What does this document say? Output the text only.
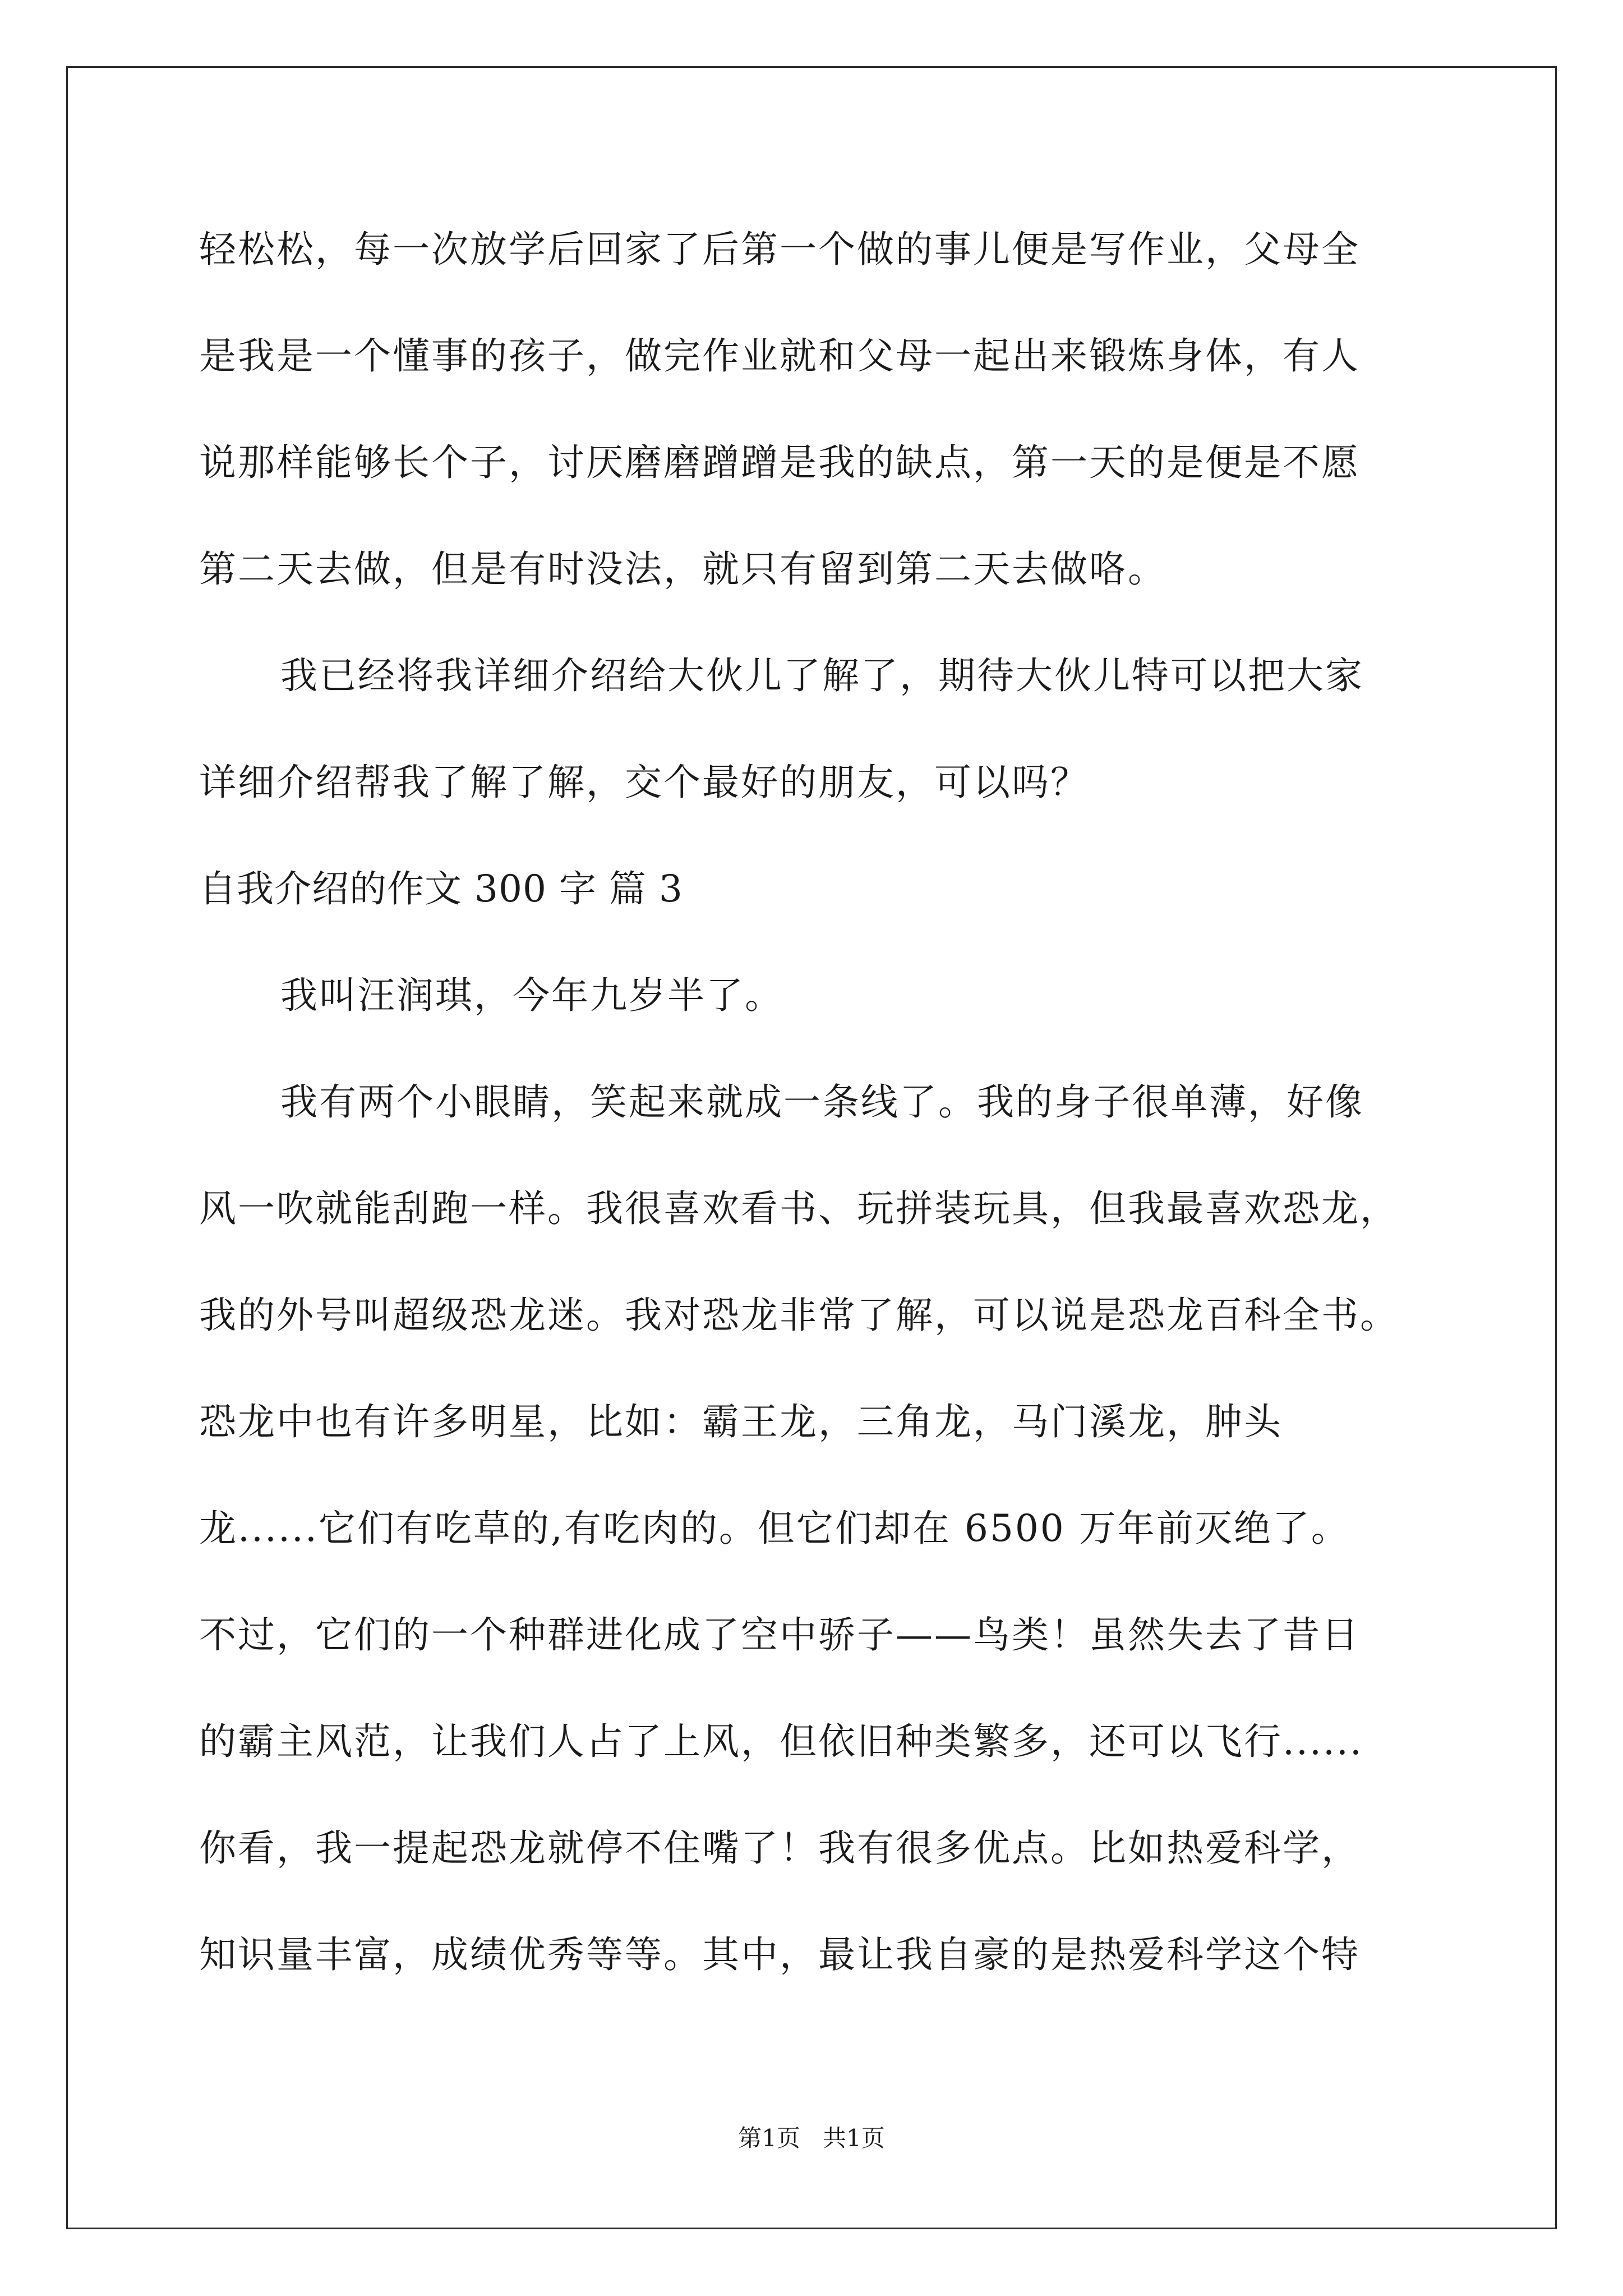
轻松松，每一次放学后回家了后第一个做的事儿便是写作业，父母全
是我是一个懂事的孩子，做完作业就和父母一起出来锻炼身体，有人
说那样能够长个子，讨厌磨磨蹭蹭是我的缺点，第一天的是便是不愿
第二天去做，但是有时没法，就只有留到第二天去做咯。
我已经将我详细介绍给大伙儿了解了，期待大伙儿特可以把大家
详细介绍帮我了解了解，交个最好的朋友，可以吗？
自我介绍的作文 300 字 篇 3
我叫汪润琪，今年九岁半了。
我有两个小眼睛，笑起来就成一条线了。我的身子很单薄，好像
风一吹就能刮跑一样。我很喜欢看书、玩拼装玩具，但我最喜欢恐龙，
我的外号叫超级恐龙迷。我对恐龙非常了解，可以说是恐龙百科全书。
恐龙中也有许多明星，比如：霸王龙，三角龙，马门溪龙，肿头
龙......它们有吃草的,有吃肉的。但它们却在 6500 万年前灭绝了。
不过，它们的一个种群进化成了空中骄子——鸟类！虽然失去了昔日
的霸主风范，让我们人占了上风，但依旧种类繁多，还可以飞行......
你看，我一提起恐龙就停不住嘴了！我有很多优点。比如热爱科学，
知识量丰富，成绩优秀等等。其中，最让我自豪的是热爱科学这个特
第1页 共1页
